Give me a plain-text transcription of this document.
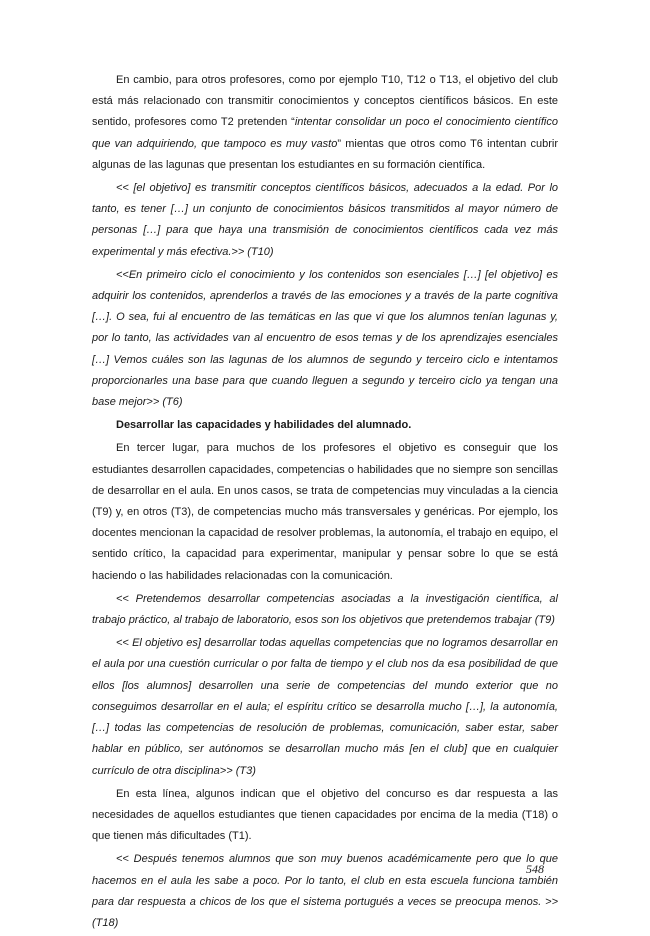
En cambio, para otros profesores, como por ejemplo T10, T12 o T13, el objetivo del club está más relacionado con transmitir conocimientos y conceptos científicos básicos. En este sentido, profesores como T2 pretenden “intentar consolidar un poco el conocimiento científico que van adquiriendo, que tampoco es muy vasto” mientas que otros como T6 intentan cubrir algunas de las lagunas que presentan los estudiantes en su formación científica.

<< [el objetivo] es transmitir conceptos científicos básicos, adecuados a la edad. Por lo tanto, es tener […] un conjunto de conocimientos básicos transmitidos al mayor número de personas […] para que haya una transmisión de conocimientos científicos cada vez más experimental y más efectiva.>> (T10)

<<En primeiro ciclo el conocimiento y los contenidos son esenciales […] [el objetivo] es adquirir los contenidos, aprenderlos a través de las emociones y a través de la parte cognitiva […]. O sea, fui al encuentro de las temáticas en las que vi que los alumnos tenían lagunas y, por lo tanto, las actividades van al encuentro de esos temas y de los aprendizajes esenciales […] Vemos cuáles son las lagunas de los alumnos de segundo y terceiro ciclo e intentamos proporcionarles una base para que cuando lleguen a segundo y terceiro ciclo ya tengan una base mejor>> (T6)

Desarrollar las capacidades y habilidades del alumnado.

En tercer lugar, para muchos de los profesores el objetivo es conseguir que los estudiantes desarrollen capacidades, competencias o habilidades que no siempre son sencillas de desarrollar en el aula. En unos casos, se trata de competencias muy vinculadas a la ciencia (T9) y, en otros (T3), de competencias mucho más transversales y genéricas. Por ejemplo, los docentes mencionan la capacidad de resolver problemas, la autonomía, el trabajo en equipo, el sentido crítico, la capacidad para experimentar, manipular y pensar sobre lo que se está haciendo o las habilidades relacionadas con la comunicación.

<< Pretendemos desarrollar competencias asociadas a la investigación científica, al trabajo práctico, al trabajo de laboratorio, esos son los objetivos que pretendemos trabajar (T9)

<< El objetivo es] desarrollar todas aquellas competencias que no logramos desarrollar en el aula por una cuestión curricular o por falta de tiempo y el club nos da esa posibilidad de que ellos [los alumnos] desarrollen una serie de competencias del mundo exterior que no conseguimos desarrollar en el aula; el espíritu crítico se desarrolla mucho […], la autonomía, […] todas las competencias de resolución de problemas, comunicación, saber estar, saber hablar en público, ser autónomos se desarrollan mucho más [en el club] que en cualquier currículo de otra disciplina>> (T3)

En esta línea, algunos indican que el objetivo del concurso es dar respuesta a las necesidades de aquellos estudiantes que tienen capacidades por encima de la media (T18) o que tienen más dificultades (T1).

<< Después tenemos alumnos que son muy buenos académicamente pero que lo que hacemos en el aula les sabe a poco. Por lo tanto, el club en esta escuela funciona también para dar respuesta a chicos de los que el sistema portugués a veces se preocupa menos. >> (T18)

548
